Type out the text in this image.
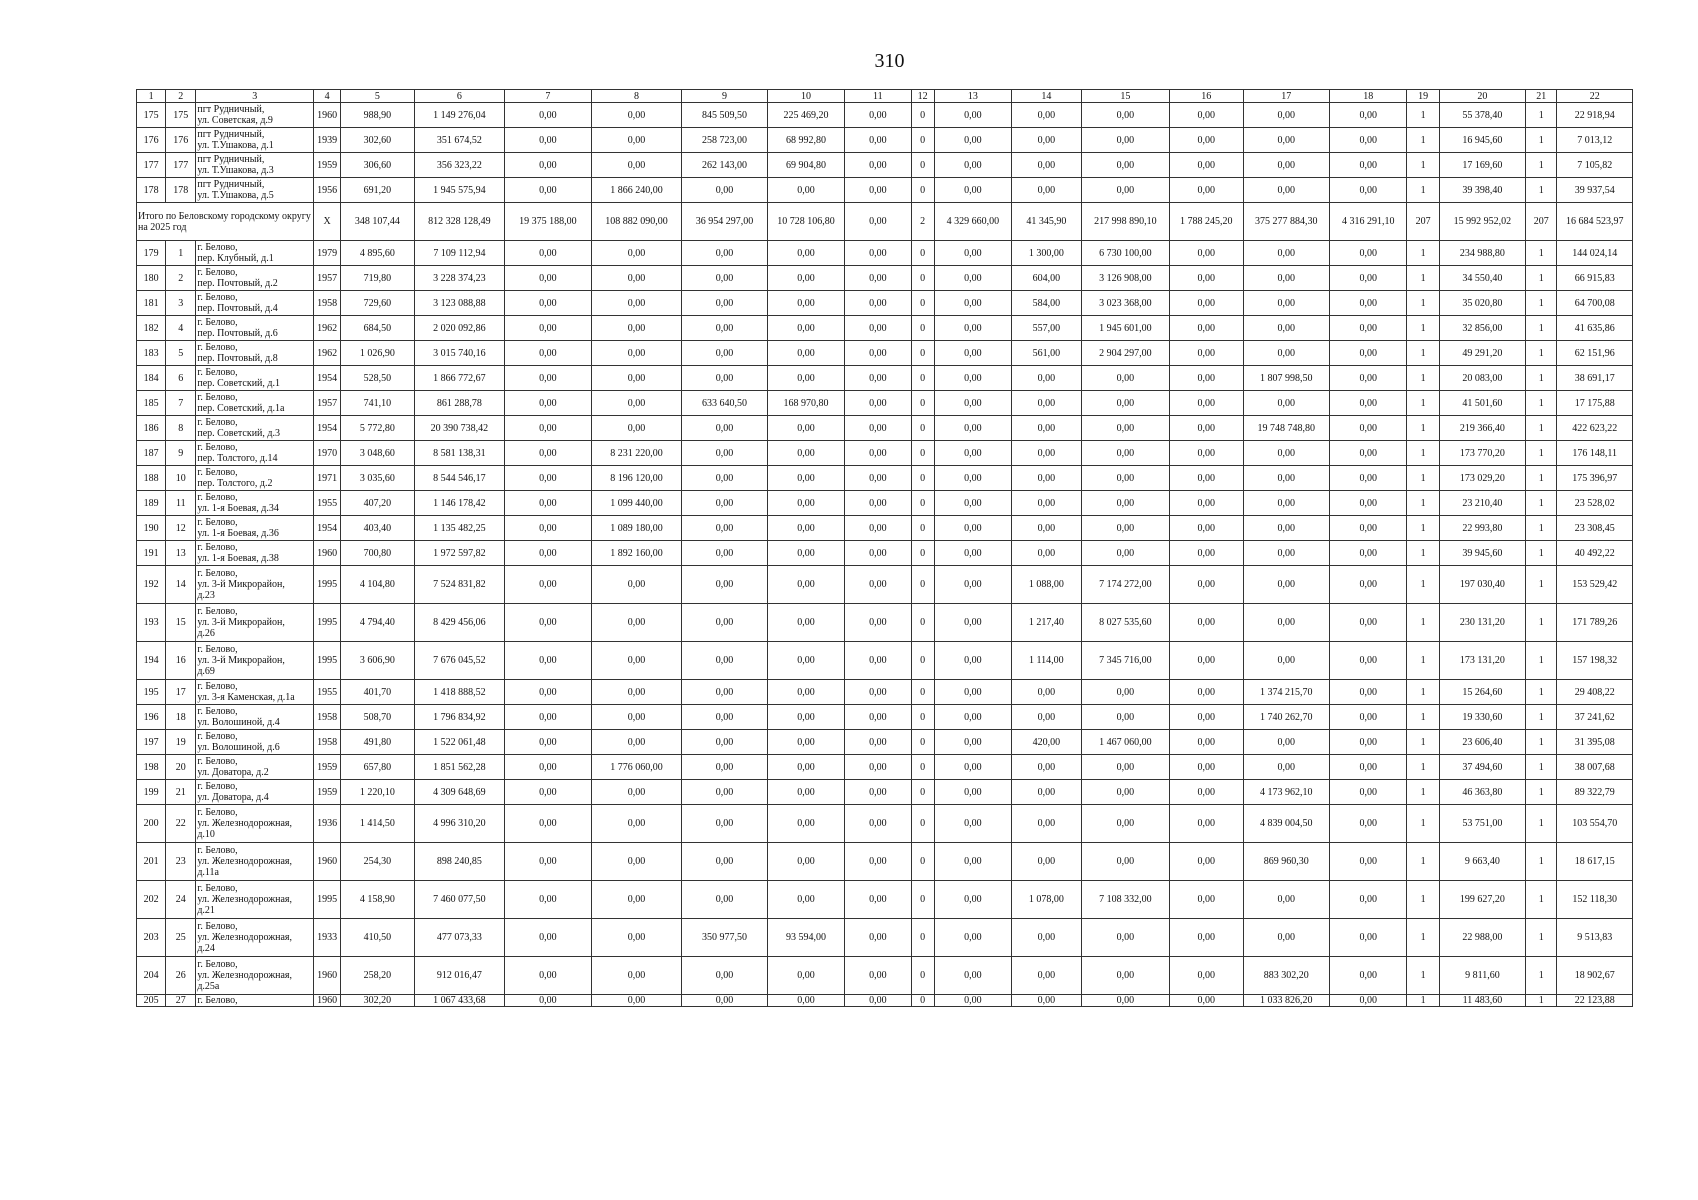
310
1	2	3	4	5	6	7	8	9	10	11	12	13	14	15	16	17	18	19	20	21	22
175	175	пгт Рудничный,
ул. Советская, д.9	1960	988,90	1 149 276,04	0,00	0,00	845 509,50	225 469,20	0,00	0	0,00	0,00	0,00	0,00	0,00	0,00	1	55 378,40	1	22 918,94
176	176	пгт Рудничный,
ул. Т.Ушакова, д.1	1939	302,60	351 674,52	0,00	0,00	258 723,00	68 992,80	0,00	0	0,00	0,00	0,00	0,00	0,00	0,00	1	16 945,60	1	7 013,12
177	177	пгт Рудничный,
ул. Т.Ушакова, д.3	1959	306,60	356 323,22	0,00	0,00	262 143,00	69 904,80	0,00	0	0,00	0,00	0,00	0,00	0,00	0,00	1	17 169,60	1	7 105,82
178	178	пгт Рудничный,
ул. Т.Ушакова, д.5	1956	691,20	1 945 575,94	0,00	1 866 240,00	0,00	0,00	0,00	0	0,00	0,00	0,00	0,00	0,00	0,00	1	39 398,40	1	39 937,54
Итого по Беловскому городскому округу на 2025 год			X	348 107,44	812 328 128,49	19 375 188,00	108 882 090,00	36 954 297,00	10 728 106,80	0,00	2	4 329 660,00	41 345,90	217 998 890,10	1 788 245,20	375 277 884,30	4 316 291,10	207	15 992 952,02	207	16 684 523,97
179	1	г. Белово,
пер. Клубный, д.1	1979	4 895,60	7 109 112,94	0,00	0,00	0,00	0,00	0,00	0	0,00	1 300,00	6 730 100,00	0,00	0,00	0,00	1	234 988,80	1	144 024,14
180	2	г. Белово,
пер. Почтовый, д.2	1957	719,80	3 228 374,23	0,00	0,00	0,00	0,00	0,00	0	0,00	604,00	3 126 908,00	0,00	0,00	0,00	1	34 550,40	1	66 915,83
181	3	г. Белово,
пер. Почтовый, д.4	1958	729,60	3 123 088,88	0,00	0,00	0,00	0,00	0,00	0	0,00	584,00	3 023 368,00	0,00	0,00	0,00	1	35 020,80	1	64 700,08
182	4	г. Белово,
пер. Почтовый, д.6	1962	684,50	2 020 092,86	0,00	0,00	0,00	0,00	0,00	0	0,00	557,00	1 945 601,00	0,00	0,00	0,00	1	32 856,00	1	41 635,86
183	5	г. Белово,
пер. Почтовый, д.8	1962	1 026,90	3 015 740,16	0,00	0,00	0,00	0,00	0,00	0	0,00	561,00	2 904 297,00	0,00	0,00	0,00	1	49 291,20	1	62 151,96
184	6	г. Белово,
пер. Советский, д.1	1954	528,50	1 866 772,67	0,00	0,00	0,00	0,00	0,00	0	0,00	0,00	0,00	0,00	1 807 998,50	0,00	1	20 083,00	1	38 691,17
185	7	г. Белово,
пер. Советский, д.1а	1957	741,10	861 288,78	0,00	0,00	633 640,50	168 970,80	0,00	0	0,00	0,00	0,00	0,00	0,00	0,00	1	41 501,60	1	17 175,88
186	8	г. Белово,
пер. Советский, д.3	1954	5 772,80	20 390 738,42	0,00	0,00	0,00	0,00	0,00	0	0,00	0,00	0,00	0,00	19 748 748,80	0,00	1	219 366,40	1	422 623,22
187	9	г. Белово,
пер. Толстого, д.14	1970	3 048,60	8 581 138,31	0,00	8 231 220,00	0,00	0,00	0,00	0	0,00	0,00	0,00	0,00	0,00	0,00	1	173 770,20	1	176 148,11
188	10	г. Белово,
пер. Толстого, д.2	1971	3 035,60	8 544 546,17	0,00	8 196 120,00	0,00	0,00	0,00	0	0,00	0,00	0,00	0,00	0,00	0,00	1	173 029,20	1	175 396,97
189	11	г. Белово,
ул. 1-я Боевая, д.34	1955	407,20	1 146 178,42	0,00	1 099 440,00	0,00	0,00	0,00	0	0,00	0,00	0,00	0,00	0,00	0,00	1	23 210,40	1	23 528,02
190	12	г. Белово,
ул. 1-я Боевая, д.36	1954	403,40	1 135 482,25	0,00	1 089 180,00	0,00	0,00	0,00	0	0,00	0,00	0,00	0,00	0,00	0,00	1	22 993,80	1	23 308,45
191	13	г. Белово,
ул. 1-я Боевая, д.38	1960	700,80	1 972 597,82	0,00	1 892 160,00	0,00	0,00	0,00	0	0,00	0,00	0,00	0,00	0,00	0,00	1	39 945,60	1	40 492,22
192	14	г. Белово,
ул. 3-й Микрорайон,
д.23	1995	4 104,80	7 524 831,82	0,00	0,00	0,00	0,00	0,00	0	0,00	1 088,00	7 174 272,00	0,00	0,00	0,00	1	197 030,40	1	153 529,42
193	15	г. Белово,
ул. 3-й Микрорайон,
д.26	1995	4 794,40	8 429 456,06	0,00	0,00	0,00	0,00	0,00	0	0,00	1 217,40	8 027 535,60	0,00	0,00	0,00	1	230 131,20	1	171 789,26
194	16	г. Белово,
ул. 3-й Микрорайон,
д.69	1995	3 606,90	7 676 045,52	0,00	0,00	0,00	0,00	0,00	0	0,00	1 114,00	7 345 716,00	0,00	0,00	0,00	1	173 131,20	1	157 198,32
195	17	г. Белово,
ул. 3-я Каменская, д.1а	1955	401,70	1 418 888,52	0,00	0,00	0,00	0,00	0,00	0	0,00	0,00	0,00	0,00	1 374 215,70	0,00	1	15 264,60	1	29 408,22
196	18	г. Белово,
ул. Волошиной, д.4	1958	508,70	1 796 834,92	0,00	0,00	0,00	0,00	0,00	0	0,00	0,00	0,00	0,00	1 740 262,70	0,00	1	19 330,60	1	37 241,62
197	19	г. Белово,
ул. Волошиной, д.6	1958	491,80	1 522 061,48	0,00	0,00	0,00	0,00	0,00	0	0,00	420,00	1 467 060,00	0,00	0,00	0,00	1	23 606,40	1	31 395,08
198	20	г. Белово,
ул. Доватора, д.2	1959	657,80	1 851 562,28	0,00	1 776 060,00	0,00	0,00	0,00	0	0,00	0,00	0,00	0,00	0,00	0,00	1	37 494,60	1	38 007,68
199	21	г. Белово,
ул. Доватора, д.4	1959	1 220,10	4 309 648,69	0,00	0,00	0,00	0,00	0,00	0	0,00	0,00	0,00	0,00	4 173 962,10	0,00	1	46 363,80	1	89 322,79
200	22	г. Белово,
ул. Железнодорожная,
д.10	1936	1 414,50	4 996 310,20	0,00	0,00	0,00	0,00	0,00	0	0,00	0,00	0,00	0,00	4 839 004,50	0,00	1	53 751,00	1	103 554,70
201	23	г. Белово,
ул. Железнодорожная,
д.11а	1960	254,30	898 240,85	0,00	0,00	0,00	0,00	0,00	0	0,00	0,00	0,00	0,00	869 960,30	0,00	1	9 663,40	1	18 617,15
202	24	г. Белово,
ул. Железнодорожная,
д.21	1995	4 158,90	7 460 077,50	0,00	0,00	0,00	0,00	0,00	0	0,00	1 078,00	7 108 332,00	0,00	0,00	0,00	1	199 627,20	1	152 118,30
203	25	г. Белово,
ул. Железнодорожная,
д.24	1933	410,50	477 073,33	0,00	0,00	350 977,50	93 594,00	0,00	0	0,00	0,00	0,00	0,00	0,00	0,00	1	22 988,00	1	9 513,83
204	26	г. Белово,
ул. Железнодорожная,
д.25а	1960	258,20	912 016,47	0,00	0,00	0,00	0,00	0,00	0	0,00	0,00	0,00	0,00	883 302,20	0,00	1	9 811,60	1	18 902,67
205	27	г. Белово,	1960	302,20	1 067 433,68	0,00	0,00	0,00	0,00	0,00	0	0,00	0,00	0,00	0,00	1 033 826,20	0,00	1	11 483,60	1	22 123,88
